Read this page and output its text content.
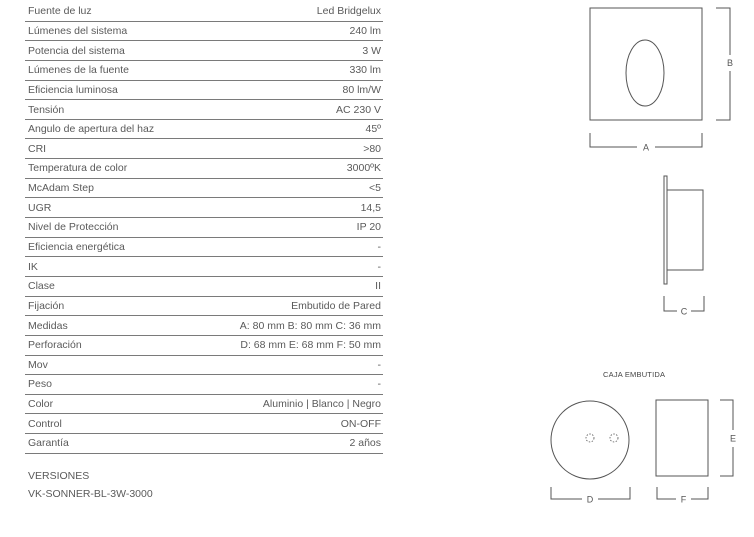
Fuente de luz	Led Bridgelux
Lúmenes del sistema	240 lm
Potencia del sistema	3 W
Lúmenes de la fuente	330 lm
Eficiencia luminosa	80 lm/W
Tensión	AC 230 V
Angulo de apertura del haz	45º
CRI	>80
Temperatura de color	3000ºK
McAdam Step	<5
UGR	14,5
Nivel de Protección	IP 20
Eficiencia energética	-
IK	-
Clase	II
Fijación	Embutido de Pared
Medidas	A: 80 mm B: 80 mm C: 36 mm
Perforación	D: 68 mm E: 68 mm F: 50 mm
Mov	-
Peso	-
Color	Aluminio | Blanco | Negro
Control	ON-OFF
Garantía	2 años
VERSIONES
VK-SONNER-BL-3W-3000
CAJA EMBUTIDA
A
B
C
D
E
F
